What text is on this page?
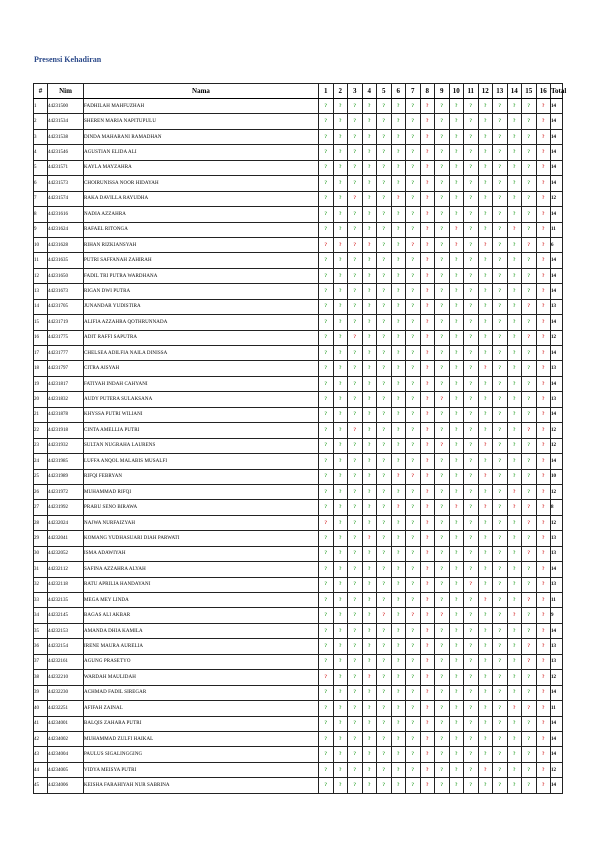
Presensi Kehadiran
#	Nim	Nama	1	2	3	4	5	6	7	8	9	10	11	12	13	14	15	16	Total
1	44231500	FADHILAH MAHFUZHAH	?	?	?	?	?	?	?	?	?	?	?	?	?	?	?	?	14
2	44231534	SHEREN MARIA NAPITUPULU	?	?	?	?	?	?	?	?	?	?	?	?	?	?	?	?	14
3	44231538	DINDA MAHARANI RAMADHAN	?	?	?	?	?	?	?	?	?	?	?	?	?	?	?	?	14
4	44231546	AGUSTIAN ELIDA ALI	?	?	?	?	?	?	?	?	?	?	?	?	?	?	?	?	14
5	44231571	KAYLA MAYZAHRA	?	?	?	?	?	?	?	?	?	?	?	?	?	?	?	?	14
6	44231573	CHOIRUNISSA NOOR HIDAYAH	?	?	?	?	?	?	?	?	?	?	?	?	?	?	?	?	14
7	44231574	RAKA DAVILLA RAYUDHA	?	?	?	?	?	?	?	?	?	?	?	?	?	?	?	?	12
8	44231616	NADIA AZZAHRA	?	?	?	?	?	?	?	?	?	?	?	?	?	?	?	?	14
9	44231624	RAFAEL RITONGA	?	?	?	?	?	?	?	?	?	?	?	?	?	?	?	?	11
10	44231628	RIHAN RIZKIANSYAH	?	?	?	?	?	?	?	?	?	?	?	?	?	?	?	?	6
11	44231635	PUTRI SAFFANAH ZAHIRAH	?	?	?	?	?	?	?	?	?	?	?	?	?	?	?	?	14
12	44231650	FADIL TRI PUTRA WARDHANA	?	?	?	?	?	?	?	?	?	?	?	?	?	?	?	?	14
13	44231673	RIGAN DWI PUTRA	?	?	?	?	?	?	?	?	?	?	?	?	?	?	?	?	14
14	44231705	JUNANDAR YUDISTIRA	?	?	?	?	?	?	?	?	?	?	?	?	?	?	?	?	13
15	44231719	ALIFIA AZZAHRA QOTHRUNNADA	?	?	?	?	?	?	?	?	?	?	?	?	?	?	?	?	14
16	44231775	ADIT RAFFI SAPUTRA	?	?	?	?	?	?	?	?	?	?	?	?	?	?	?	?	12
17	44231777	CHELSEA ADILFIA NAILA DINISSA	?	?	?	?	?	?	?	?	?	?	?	?	?	?	?	?	14
18	44231797	CITRA AISYAH	?	?	?	?	?	?	?	?	?	?	?	?	?	?	?	?	13
19	44231817	FATIYAH INDAH CAHYANI	?	?	?	?	?	?	?	?	?	?	?	?	?	?	?	?	14
20	44231832	AUDY PUTERA SULAKSANA	?	?	?	?	?	?	?	?	?	?	?	?	?	?	?	?	13
21	44231878	KHYSSA PUTRI WILIANI	?	?	?	?	?	?	?	?	?	?	?	?	?	?	?	?	14
22	44231918	CINTA AMELLIA PUTRI	?	?	?	?	?	?	?	?	?	?	?	?	?	?	?	?	12
23	44231932	SULTAN NUGRAHA LAURENS	?	?	?	?	?	?	?	?	?	?	?	?	?	?	?	?	12
24	44231985	LUFFA ANQOL MALABIS MUSALFI	?	?	?	?	?	?	?	?	?	?	?	?	?	?	?	?	14
25	44231989	RIFQI FEBRYAN	?	?	?	?	?	?	?	?	?	?	?	?	?	?	?	?	10
26	44231972	MUHAMMAD RIFQI	?	?	?	?	?	?	?	?	?	?	?	?	?	?	?	?	12
27	44231992	PRABU SENO BIRAWA	?	?	?	?	?	?	?	?	?	?	?	?	?	?	?	?	8
28	44232024	NAJWA NURFAIZYAH	?	?	?	?	?	?	?	?	?	?	?	?	?	?	?	?	12
29	44232041	KOMANG YUDHASUARI DIAH PARWATI	?	?	?	?	?	?	?	?	?	?	?	?	?	?	?	?	13
30	44232052	ISMA ADAWIYAH	?	?	?	?	?	?	?	?	?	?	?	?	?	?	?	?	13
31	44232112	SAFINA AZZAHRA ALYAH	?	?	?	?	?	?	?	?	?	?	?	?	?	?	?	?	14
32	44232118	RATU APRILIA HANDAYANI	?	?	?	?	?	?	?	?	?	?	?	?	?	?	?	?	13
33	44232135	MEGA MEY LINDA	?	?	?	?	?	?	?	?	?	?	?	?	?	?	?	?	11
34	44232145	BAGAS ALI AKBAR	?	?	?	?	?	?	?	?	?	?	?	?	?	?	?	?	9
35	44232153	AMANDA DHIA KAMILA	?	?	?	?	?	?	?	?	?	?	?	?	?	?	?	?	14
36	44232154	IRENE MAURA AURELIA	?	?	?	?	?	?	?	?	?	?	?	?	?	?	?	?	13
37	44232161	AGUNG PRASETYO	?	?	?	?	?	?	?	?	?	?	?	?	?	?	?	?	13
38	44232210	WARDAH MAULIDAH	?	?	?	?	?	?	?	?	?	?	?	?	?	?	?	?	12
39	44232230	ACHMAD FADIL SIREGAR	?	?	?	?	?	?	?	?	?	?	?	?	?	?	?	?	14
40	44232251	AFIFAH ZAINAL	?	?	?	?	?	?	?	?	?	?	?	?	?	?	?	?	11
41	44234001	BALQIS ZAHARA PUTRI	?	?	?	?	?	?	?	?	?	?	?	?	?	?	?	?	14
42	44234002	MUHAMMAD ZULFI HAIKAL	?	?	?	?	?	?	?	?	?	?	?	?	?	?	?	?	14
43	44234004	PAULUS SIGALINGGING	?	?	?	?	?	?	?	?	?	?	?	?	?	?	?	?	14
44	44234005	VIDYA MEISYA PUTRI	?	?	?	?	?	?	?	?	?	?	?	?	?	?	?	?	12
45	44234006	KEISHA FARAHIYAH NUR SABRINA	?	?	?	?	?	?	?	?	?	?	?	?	?	?	?	?	14
